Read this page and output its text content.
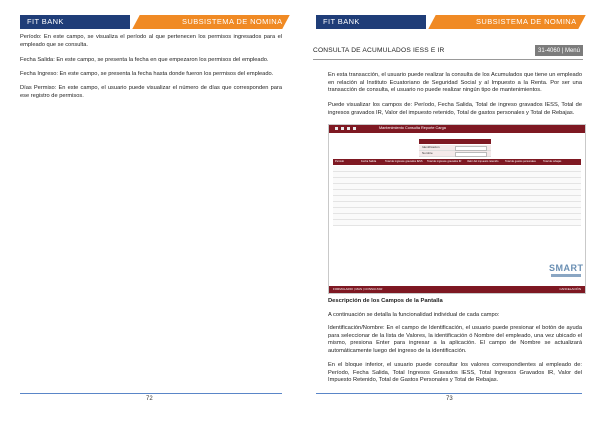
FIT BANK	SUBSISTEMA DE NOMINA
Período: En este campo, se visualiza el período al que pertenecen los permisos ingresados para el empleado que se consulta.
Fecha Salida: En este campo, se presenta la fecha en que empezaron los permisos del empleado.
Fecha Ingreso: En este campo, se presenta la fecha hasta donde fueron los permisos del empleado.
Días Permiso: En este campo, el usuario puede visualizar el número de días que corresponden para ese registro de permisos.
72
FIT BANK	SUBSISTEMA DE NOMINA
CONSULTA DE ACUMULADOS IESS E IR	31-4060 | Menú
En esta transacción, el usuario puede realizar la consulta de los Acumulados que tiene un empleado en relación al Instituto Ecuatoriano de Seguridad Social y al Impuesto a la Renta. Por ser una transacción de consulta, el usuario no puede realizar ningún tipo de mantenimientos.
Puede visualizar los campos de: Período, Fecha Salida, Total de ingreso gravados IESS, Total de ingresos gravados IR, Valor del impuesto retenido, Total de gastos personales y Total de Rebajas.
Mantenimiento Consulta Reporte Carga
Identificación
Nombre
Período	Fecha Salida	Total de ingresos gravados IESS	Total de ingresos gravados IR	Valor del impuesto retenido	Total de gastos personales	Total de rebajas
SMART
FORMULARIO | MAS | CONSULTAR	CANCELACIÓN
Descripción de los Campos de la Pantalla
A continuación se detalla la funcionalidad individual de cada campo:
Identificación/Nombre: En el campo de Identificación, el usuario puede presionar el botón de ayuda para seleccionar de la lista de Valores, la identificación ó Nombre del empleado, una vez ubicado el mismo, presiona Enter para ingresar a la aplicación. El campo de Nombre se actualizará automáticamente luego del ingreso de la identificación.
En el bloque inferior, el usuario puede consultar los valores correspondientes al empleado de: Período, Fecha Salida, Total Ingresos Gravados IESS, Total Ingresos Gravados IR, Valor del Impuesto Retenido, Total de Gastos Personales y Total de Rebajas.
73
